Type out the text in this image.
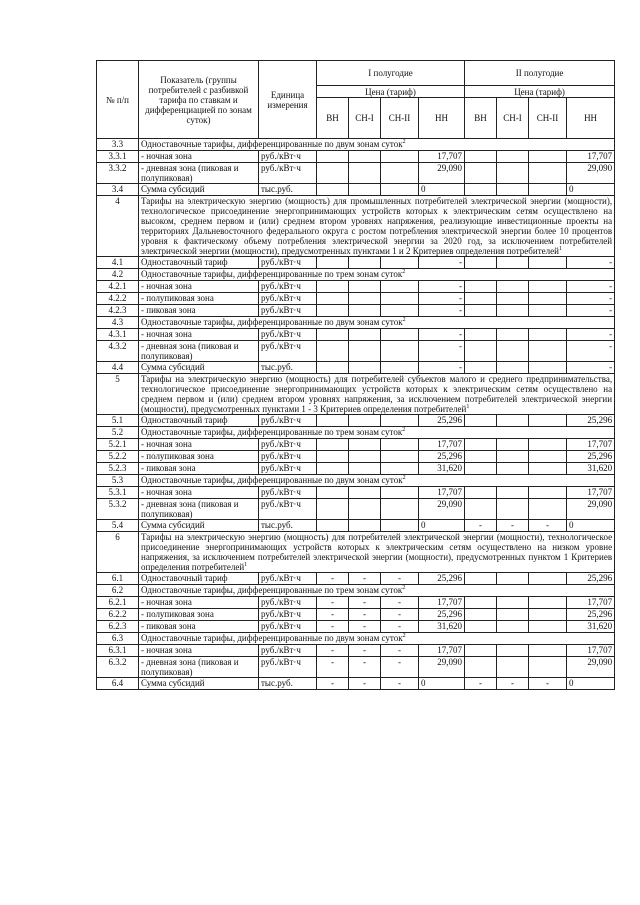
№ п/п	Показатель (группы потребителей с разбивкой тарифа по ставкам и дифференциацией по зонам суток)	Единица измерения	I полугодие				II полугодие			
			Цена (тариф)				Цена (тариф)			
			ВН	СН-I	СН-II	НН	ВН	СН-I	СН-II	НН
3.3	Одноставочные тарифы, дифференцированные по двум зонам суток$^2$
3.3.1	- ночная зона	руб./кВт·ч				17,707				17,707
3.3.2	- дневная зона (пиковая и полупиковая)	руб./кВт·ч				29,090				29,090
3.4	Сумма субсидий	тыс.руб.				0				0
4	Тарифы на электрическую энергию (мощность) для промышленных потребителей электрической энергии (мощности), технологическое присоединение энергопринимающих устройств которых к электрическим сетям осуществлено на высоком, среднем первом и (или) среднем втором уровнях напряжения, реализующие инвестиционные проекты на территориях Дальневосточного федерального округа с ростом потребления электрической энергии более 10 процентов уровня к фактическому объему потребления электрической энергии за 2020 год, за исключением потребителей электрической энергии (мощности), предусмотренных пунктами 1 и 2 Критериев определения потребителей$^1$
4.1	Одноставочный тариф	руб./кВт·ч				-				-
4.2	Одноставочные тарифы, дифференцированные по трем зонам суток$^2$
4.2.1	- ночная зона	руб./кВт·ч				-				-
4.2.2	- полупиковая зона	руб./кВт·ч				-				-
4.2.3	- пиковая зона	руб./кВт·ч				-				-
4.3	Одноставочные тарифы, дифференцированные по двум зонам суток$^2$
4.3.1	- ночная зона	руб./кВт·ч				-				-
4.3.2	- дневная зона (пиковая и полупиковая)	руб./кВт·ч				-				-
4.4	Сумма субсидий	тыс.руб.				-				-
5	Тарифы на электрическую энергию (мощность) для потребителей субъектов малого и среднего предпринимательства, технологическое присоединение энергопринимающих устройств которых к электрическим сетям осуществлено на среднем первом и (или) среднем втором уровнях напряжения, за исключением потребителей электрической энергии (мощности), предусмотренных пунктами 1 - 3 Критериев определения потребителей$^1$
5.1	Одноставочный тариф	руб./кВт·ч				25,296				25,296
5.2	Одноставочные тарифы, дифференцированные по трем зонам суток$^2$
5.2.1	- ночная зона	руб./кВт·ч				17,707				17,707
5.2.2	- полупиковая зона	руб./кВт·ч				25,296				25,296
5.2.3	- пиковая зона	руб./кВт·ч				31,620				31,620
5.3	Одноставочные тарифы, дифференцированные по двум зонам суток$^2$
5.3.1	- ночная зона	руб./кВт·ч				17,707				17,707
5.3.2	- дневная зона (пиковая и полупиковая)	руб./кВт·ч				29,090				29,090
5.4	Сумма субсидий	тыс.руб.				0	-	-	-	0
6	Тарифы на электрическую энергию (мощность) для потребителей электрической энергии (мощности), технологическое присоединение энергопринимающих устройств которых к электрическим сетям осуществлено на низком уровне напряжения, за исключением потребителей электрической энергии (мощности), предусмотренных пунктом 1 Критериев определения потребителей$^1$
6.1	Одноставочный тариф	руб./кВт·ч	-	-	-	25,296				25,296
6.2	Одноставочные тарифы, дифференцированные по трем зонам суток$^2$
6.2.1	- ночная зона	руб./кВт·ч	-	-	-	17,707				17,707
6.2.2	- полупиковая зона	руб./кВт·ч	-	-	-	25,296				25,296
6.2.3	- пиковая зона	руб./кВт·ч	-	-	-	31,620				31,620
6.3	Одноставочные тарифы, дифференцированные по двум зонам суток$^2$
6.3.1	- ночная зона	руб./кВт·ч	-	-	-	17,707				17,707
6.3.2	- дневная зона (пиковая и полупиковая)	руб./кВт·ч	-	-	-	29,090				29,090
6.4	Сумма субсидий	тыс.руб.	-	-	-	0	-	-	-	0
